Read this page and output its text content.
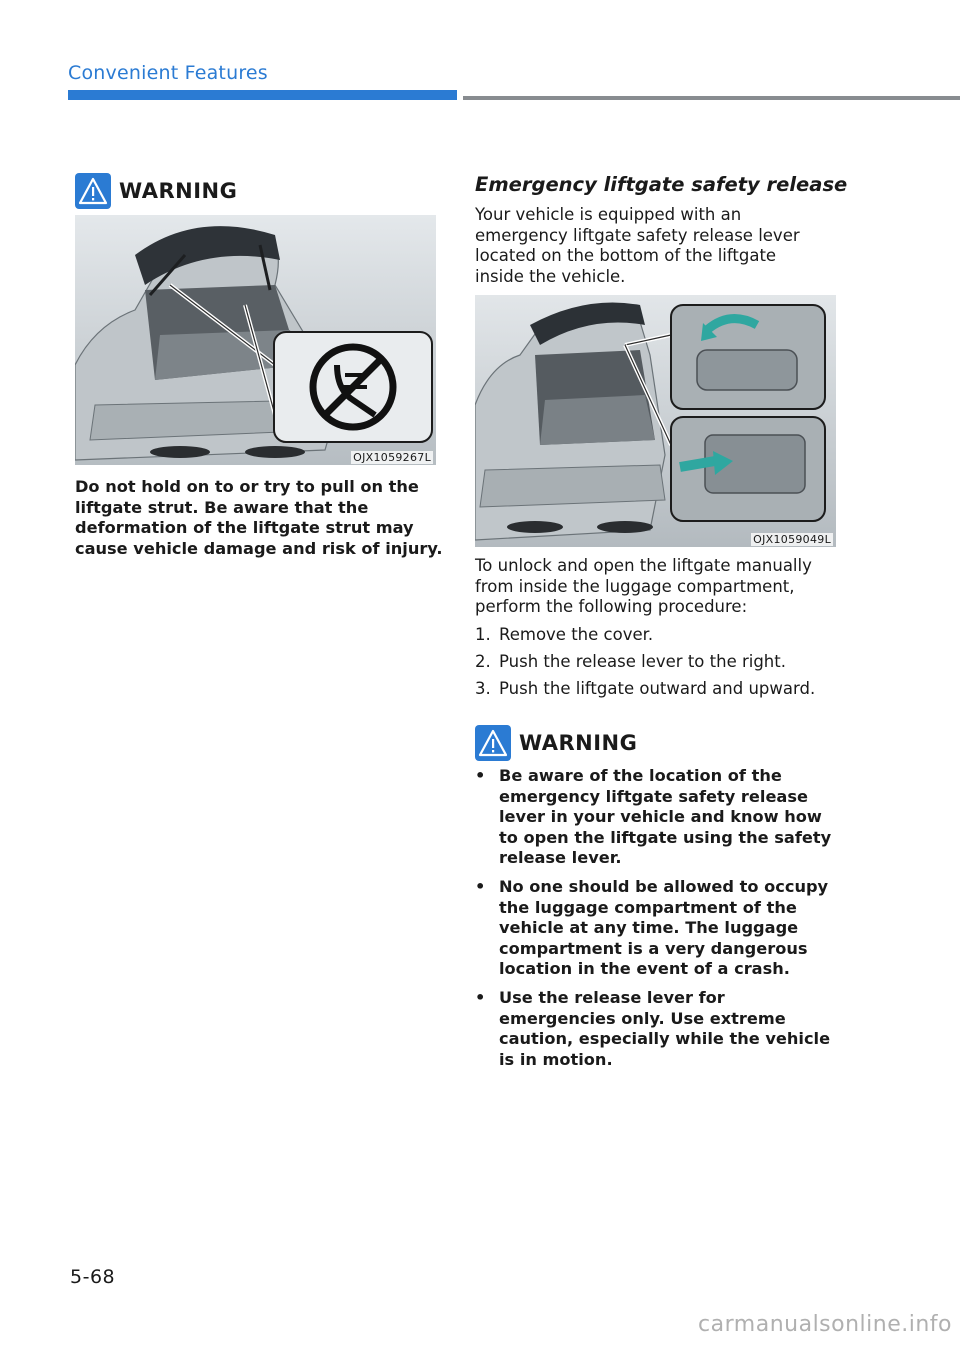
Convenient Features
WARNING
OJX1059267L
Do not hold on to or try to pull on the liftgate strut. Be aware that the deformation of the liftgate strut may cause vehicle damage and risk of injury.
Emergency liftgate safety release
Your vehicle is equipped with an emergency liftgate safety release lever located on the bottom of the liftgate inside the vehicle.
OJX1059049L
To unlock and open the liftgate manually from inside the luggage compartment, perform the following procedure:
1. Remove the cover.
2. Push the release lever to the right.
3. Push the liftgate outward and upward.
WARNING
• Be aware of the location of the emergency liftgate safety release lever in your vehicle and know how to open the liftgate using the safety release lever.
• No one should be allowed to occupy the luggage compartment of the vehicle at any time. The luggage compartment is a very dangerous location in the event of a crash.
• Use the release lever for emergencies only. Use extreme caution, especially while the vehicle is in motion.
5-68
carmanualsonline.info
